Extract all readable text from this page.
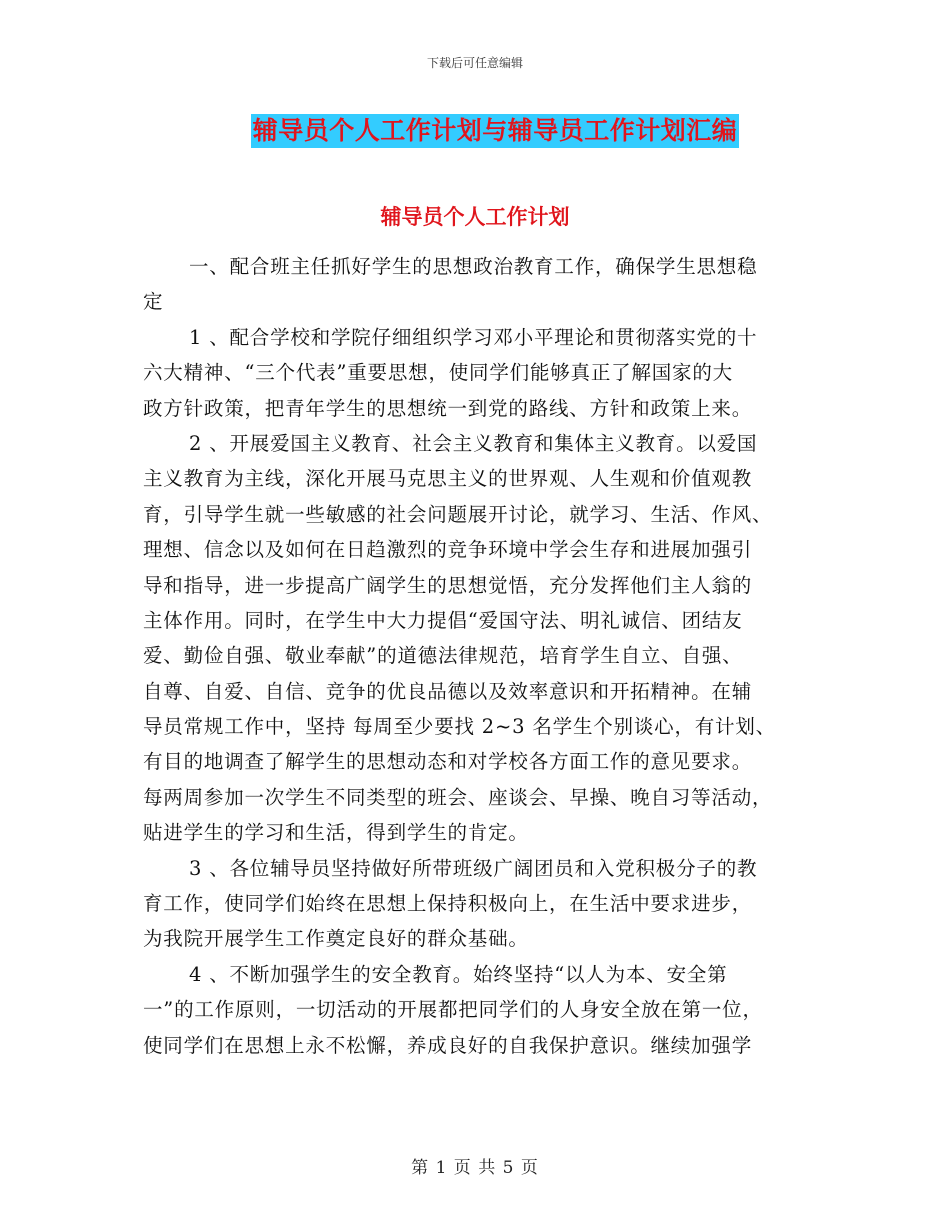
下载后可任意编辑
辅导员个人工作计划与辅导员工作计划汇编
辅导员个人工作计划
一、配合班主任抓好学生的思想政治教育工作，确保学生思想稳
定
1 、配合学校和学院仔细组织学习邓小平理论和贯彻落实党的十
六大精神、“三个代表”重要思想，使同学们能够真正了解国家的大
政方针政策，把青年学生的思想统一到党的路线、方针和政策上来。
2 、开展爱国主义教育、社会主义教育和集体主义教育。以爱国
主义教育为主线，深化开展马克思主义的世界观、人生观和价值观教
育，引导学生就一些敏感的社会问题展开讨论，就学习、生活、作风、
理想、信念以及如何在日趋激烈的竞争环境中学会生存和进展加强引
导和指导，进一步提高广阔学生的思想觉悟，充分发挥他们主人翁的
主体作用。同时，在学生中大力提倡“爱国守法、明礼诚信、团结友
爱、勤俭自强、敬业奉献”的道德法律规范，培育学生自立、自强、
自尊、自爱、自信、竞争的优良品德以及效率意识和开拓精神。在辅
导员常规工作中，坚持 每周至少要找 2~3 名学生个别谈心，有计划、
有目的地调查了解学生的思想动态和对学校各方面工作的意见要求。
每两周参加一次学生不同类型的班会、座谈会、早操、晚自习等活动，
贴进学生的学习和生活，得到学生的肯定。
3 、各位辅导员坚持做好所带班级广阔团员和入党积极分子的教
育工作，使同学们始终在思想上保持积极向上，在生活中要求进步，
为我院开展学生工作奠定良好的群众基础。
4 、不断加强学生的安全教育。始终坚持“以人为本、安全第
一”的工作原则，一切活动的开展都把同学们的人身安全放在第一位，
使同学们在思想上永不松懈，养成良好的自我保护意识。继续加强学
第 1 页 共 5 页
